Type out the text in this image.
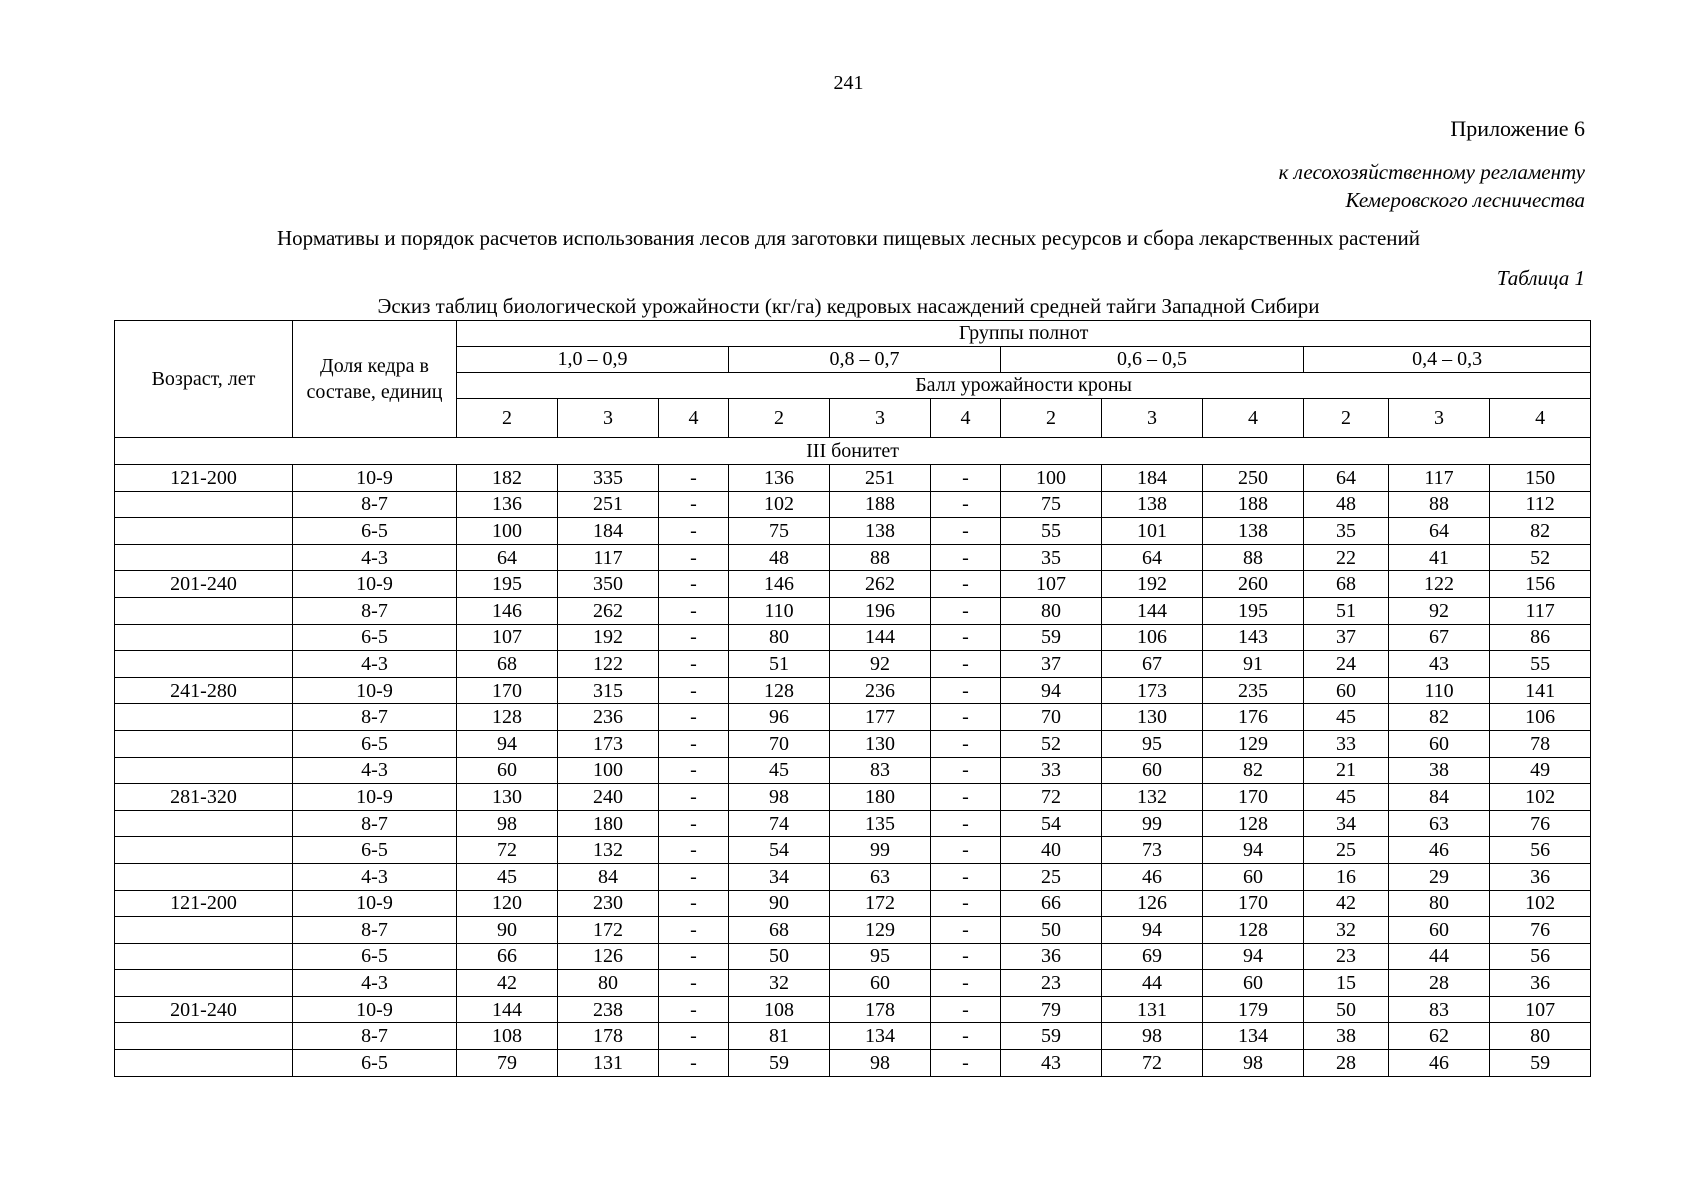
241
Приложение 6
к лесохозяйственному регламенту
Кемеровского лесничества
Нормативы и порядок расчетов использования лесов для заготовки пищевых лесных ресурсов и сбора лекарственных растений
Таблица 1
Эскиз таблиц биологической урожайности (кг/га) кедровых насаждений средней тайги Западной Сибири
Возраст, лет	Доля кедра в составе, единиц	Группы полнот											
		1,0 – 0,9			0,8 – 0,7			0,6 – 0,5			0,4 – 0,3		
		Балл урожайности кроны											
		2	3	4	2	3	4	2	3	4	2	3	4
III бонитет													
121-200	10-9	182	335	-	136	251	-	100	184	250	64	117	150
	8-7	136	251	-	102	188	-	75	138	188	48	88	112
	6-5	100	184	-	75	138	-	55	101	138	35	64	82
	4-3	64	117	-	48	88	-	35	64	88	22	41	52
201-240	10-9	195	350	-	146	262	-	107	192	260	68	122	156
	8-7	146	262	-	110	196	-	80	144	195	51	92	117
	6-5	107	192	-	80	144	-	59	106	143	37	67	86
	4-3	68	122	-	51	92	-	37	67	91	24	43	55
241-280	10-9	170	315	-	128	236	-	94	173	235	60	110	141
	8-7	128	236	-	96	177	-	70	130	176	45	82	106
	6-5	94	173	-	70	130	-	52	95	129	33	60	78
	4-3	60	100	-	45	83	-	33	60	82	21	38	49
281-320	10-9	130	240	-	98	180	-	72	132	170	45	84	102
	8-7	98	180	-	74	135	-	54	99	128	34	63	76
	6-5	72	132	-	54	99	-	40	73	94	25	46	56
	4-3	45	84	-	34	63	-	25	46	60	16	29	36
121-200	10-9	120	230	-	90	172	-	66	126	170	42	80	102
	8-7	90	172	-	68	129	-	50	94	128	32	60	76
	6-5	66	126	-	50	95	-	36	69	94	23	44	56
	4-3	42	80	-	32	60	-	23	44	60	15	28	36
201-240	10-9	144	238	-	108	178	-	79	131	179	50	83	107
	8-7	108	178	-	81	134	-	59	98	134	38	62	80
	6-5	79	131	-	59	98	-	43	72	98	28	46	59
